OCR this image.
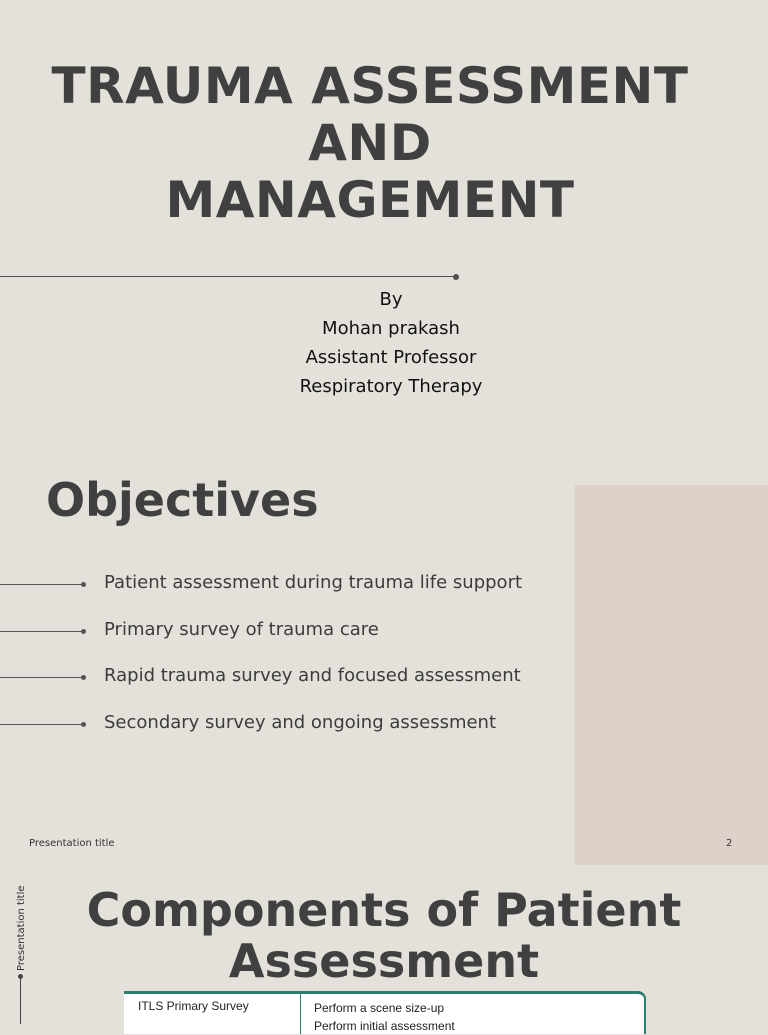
TRAUMA ASSESSMENT
AND
MANAGEMENT
By
Mohan prakash
Assistant Professor
Respiratory Therapy
Objectives
Patient assessment during trauma life support
Primary survey of trauma care
Rapid trauma survey and focused assessment
Secondary survey and ongoing assessment
Presentation title	2
Presentation title	Components of Patient
Assessment
ITLS Primary Survey	Perform a scene size-up
Perform initial assessment
